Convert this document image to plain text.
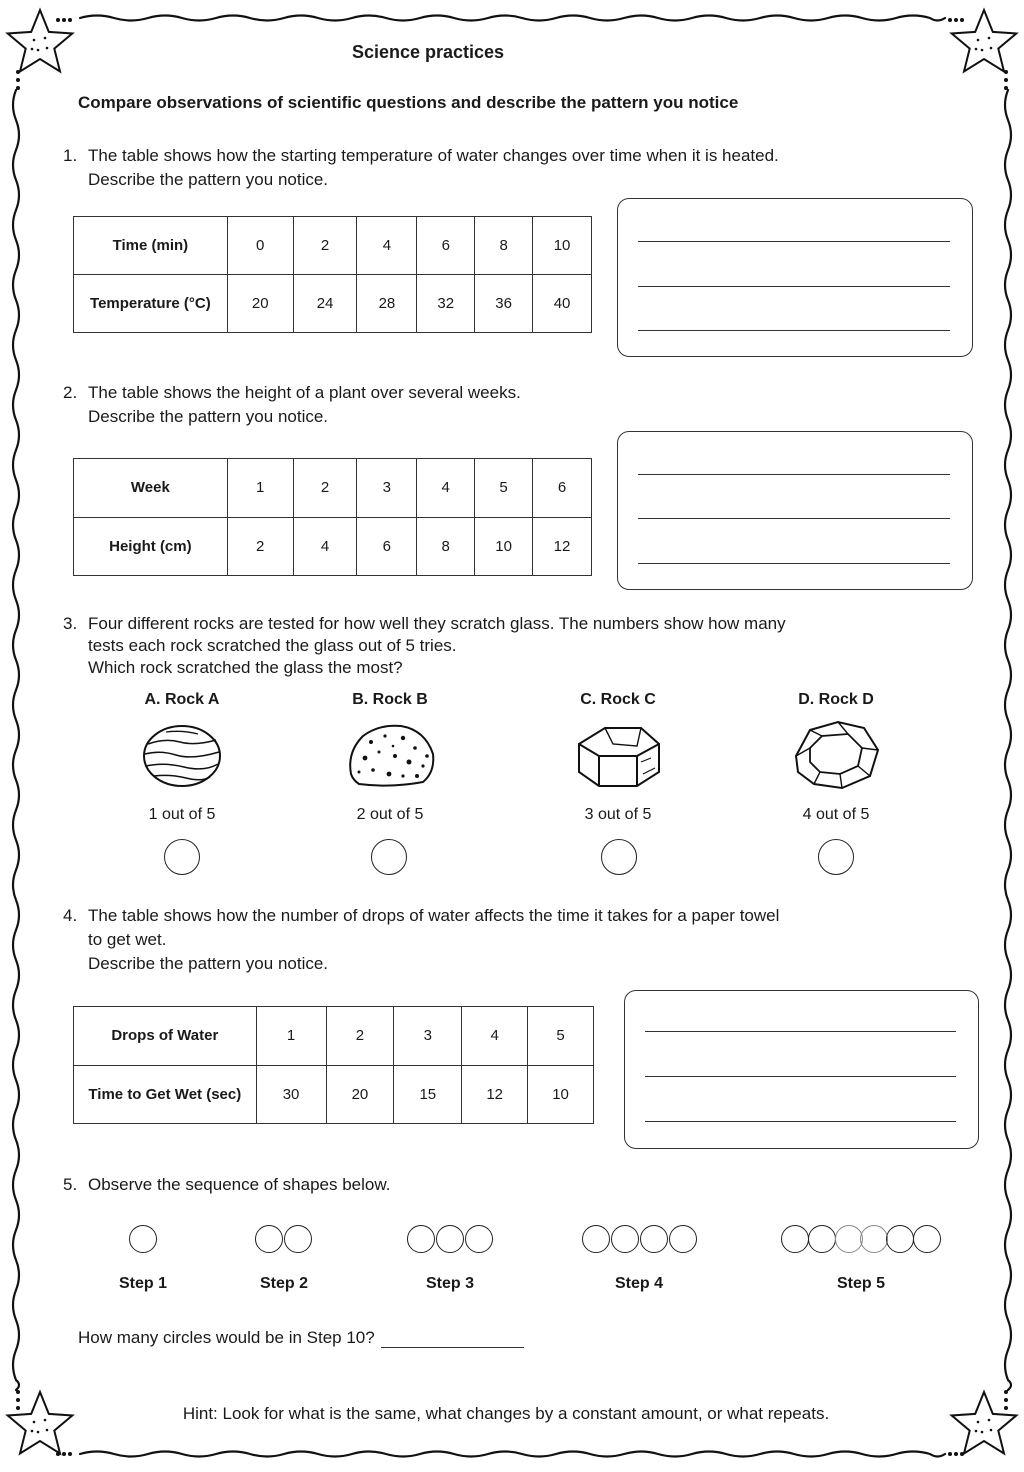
Science practices
Compare observations of scientific questions and describe the pattern you notice
1. The table shows how the starting temperature of water changes over time when it is heated.
Describe the pattern you notice.
Time (min)	0	2	4	6	8	10
Temperature (°C)	20	24	28	32	36	40
2. The table shows the height of a plant over several weeks.
Describe the pattern you notice.
Week	1	2	3	4	5	6
Height (cm)	2	4	6	8	10	12
3. Four different rocks are tested for how well they scratch glass. The numbers show how many
tests each rock scratched the glass out of 5 tries.
Which rock scratched the glass the most?
A. Rock A	B. Rock B	C. Rock C	D. Rock D
1 out of 5	2 out of 5	3 out of 5	4 out of 5
4. The table shows how the number of drops of water affects the time it takes for a paper towel
to get wet.
Describe the pattern you notice.
Drops of Water	1	2	3	4	5
Time to Get Wet (sec)	30	20	15	12	10
5. Observe the sequence of shapes below.
Step 1	Step 2	Step 3	Step 4	Step 5
How many circles would be in Step 10?
Hint: Look for what is the same, what changes by a constant amount, or what repeats.
